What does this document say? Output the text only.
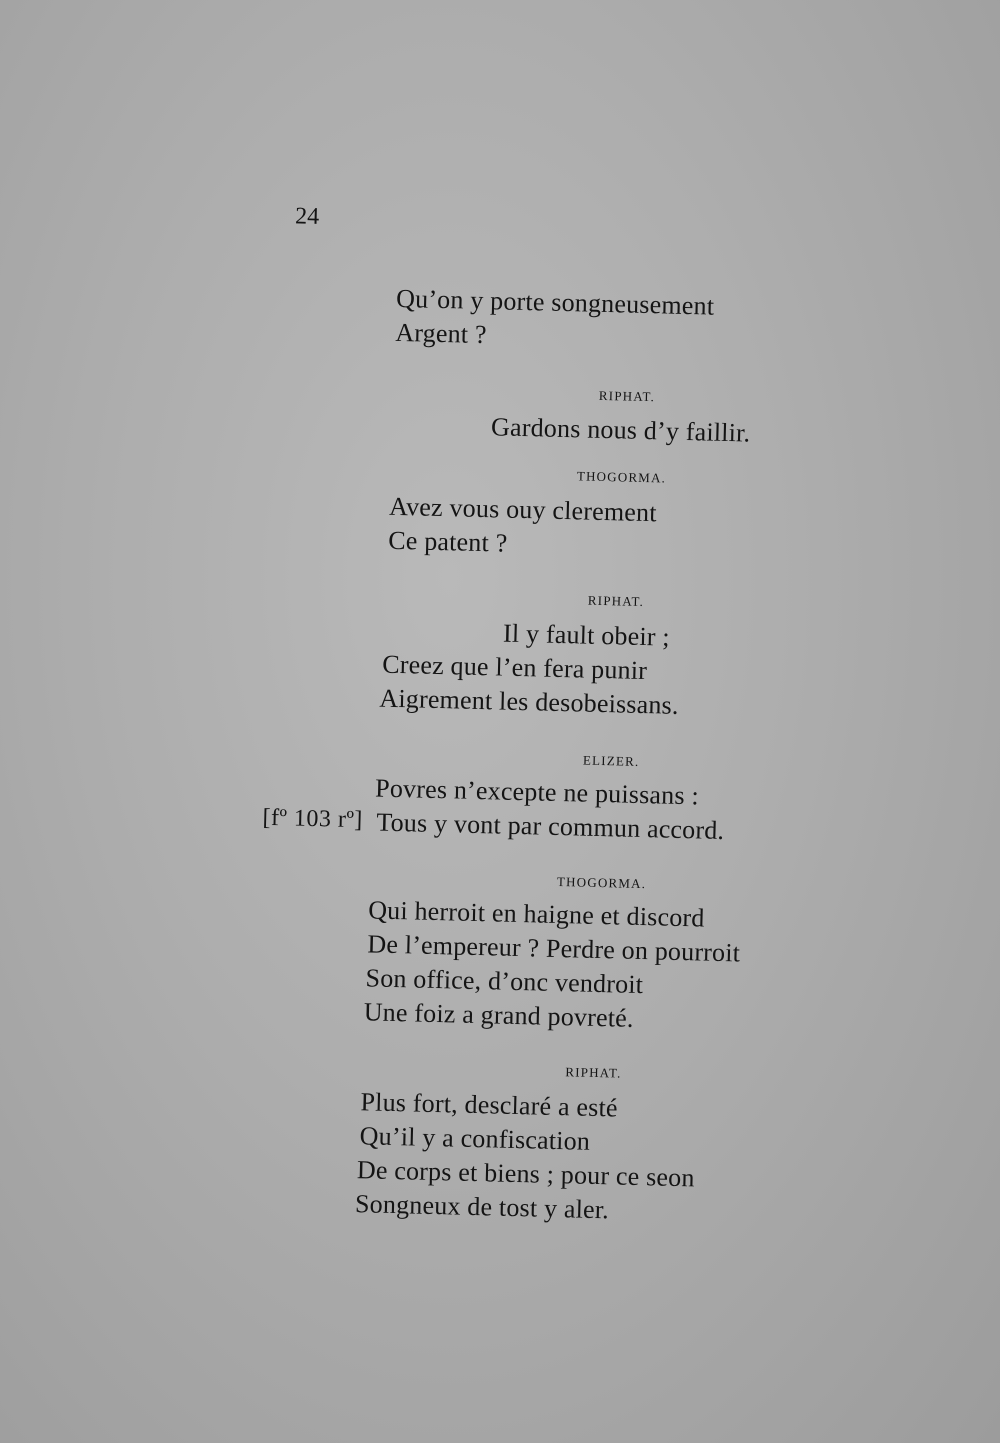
24
Qu’on y porte songneusement
Argent ?
RIPHAT.
Gardons nous d’y faillir.
THOGORMA.
Avez vous ouy clerement
Ce patent ?
RIPHAT.
Il y fault obeir ;
Creez que l’en fera punir
Aigrement les desobeissans.
ELIZER.
Povres n’excepte ne puissans :
[fº 103 rº] Tous y vont par commun accord.
THOGORMA.
Qui herroit en haigne et discord
De l’empereur ? Perdre on pourroit
Son office, d’onc vendroit
Une foiz a grand povreté.
RIPHAT.
Plus fort, desclaré a esté
Qu’il y a confiscation
De corps et biens ; pour ce seon
Songneux de tost y aler.
